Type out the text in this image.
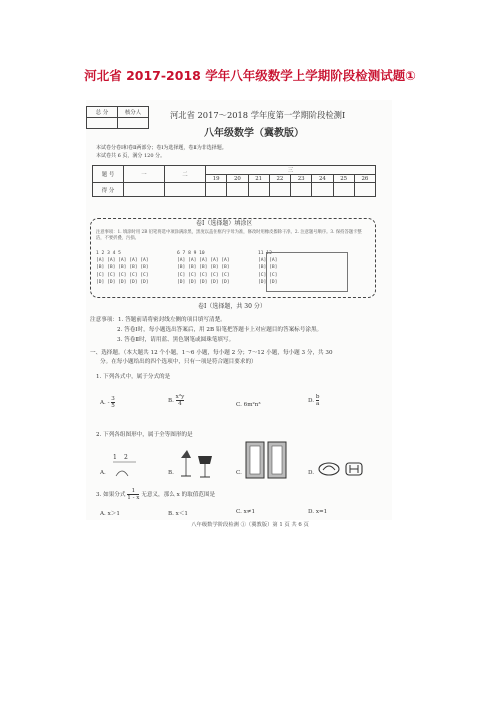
河北省 2017-2018 学年八年级数学上学期阶段检测试题①
总 分	核分人
		河北省 2017～2018 学年度第一学期阶段检测Ⅰ
八年级数学（冀教版）
本试卷分卷Ⅰ和卷Ⅱ两部分；卷Ⅰ为选择题，卷Ⅱ为非选择题。
本试卷共 6 页，满分 120 分。
题 号	一	二	三							
			19	20	21	22	23	24	25	26
得 分										
卷Ⅰ（选择题）填涂区
注意事项：1. 填涂时用 2B 铅笔将选中项涂满涂黑，黑度以盖住框内字母为准，修改时用橡皮擦除干净。2. 注意题号顺序。3. 保持答题卡整洁，不要折叠、污损。
1 2 3 4 5
[A] [A] [A] [A] [A]
[B] [B] [B] [B] [B]
[C] [C] [C] [C] [C]
[D] [D] [D] [D] [D]
6 7 8 9 10
[A] [A] [A] [A] [A]
[B] [B] [B] [B] [B]
[C] [C] [C] [C] [C]
[D] [D] [D] [D] [D]
11 12
[A] [A]
[B] [B]
[C] [C]
[D] [D]
卷Ⅰ（选择题，共 30 分）
注意事项：1. 答题前请将密封线左侧的项目填写清楚。
2. 答卷Ⅰ时，每小题选出答案后，用 2B 铅笔把答题卡上对应题目的答案标号涂黑。
3. 答卷Ⅱ时，请用蓝、黑色钢笔或圆珠笔填写。
一、选择题。（本大题共 12 个小题，1～6 小题，每小题 2 分；7～12 小题，每小题 3 分，共 30
分。在每小题给出的四个选项中，只有一项是符合题目要求的）
1. 下列各式中，属于分式的是
A. - $\frac{3}{5}$	B. $\frac{\text{x²y}}{4}$	C. 6m²n³
D. $\frac{b}{a}$
2. 下列各组图形中，属于全等图形的是
A.
1 2
B.	C.	D.
3. 如果分式 $\frac{1}{1 - x}$ 无意义，那么 x 的取值范围是
A. x＞1	B. x＜1	C. x≠1	D. x=1
八年级数学阶段检测 ①（冀教版）第 1 页 共 6 页
